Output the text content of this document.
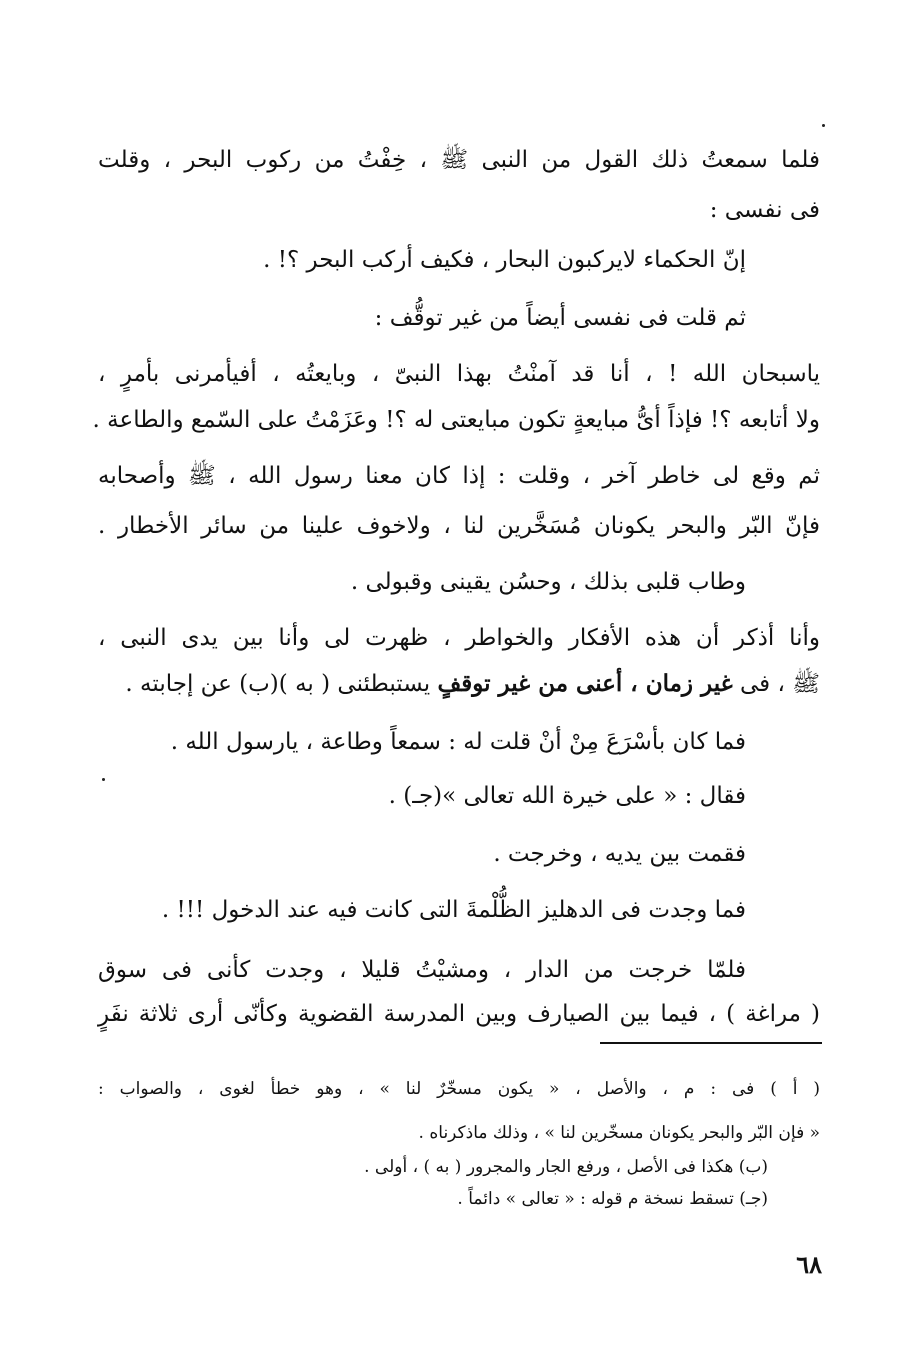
فلما سمعتُ ذلك القول من النبى ﷺ ، خِفْتُ من ركوب البحر ، وقلت
فى نفسى :
إنّ الحكماء لايركبون البحار ، فكيف أركب البحر ؟! .
ثم قلت فى نفسى أيضاً من غير توقُّف :
ياسبحان الله ! ، أنا قد آمنْتُ بهذا النبىّ ، وبايعتُه ، أفيأمرنى بأمرٍ ،
ولا أتابعه ؟! فإذاً أىُّ مبايعةٍ تكون مبايعتى له ؟! وعَزَمْتُ على السّمع والطاعة .
ثم وقع لى خاطر آخر ، وقلت : إذا كان معنا رسول الله ، ﷺ وأصحابه
فإنّ البّر والبحر يكونان مُسَخَّرين لنا ، ولاخوف علينا من سائر الأخطار .
وطاب قلبى بذلك ، وحسُن يقينى وقبولى .
وأنا أذكر أن هذه الأفكار والخواطر ، ظهرت لى وأنا بين يدى النبى ،
ﷺ ، فى غير زمان ، أعنى من غير توقفٍ يستبطئنى ( به )(ب) عن إجابته .
فما كان بأسْرَعَ مِنْ أنْ قلت له : سمعاً وطاعة ، يارسول الله .
فقال : « على خيرة الله تعالى »(جـ) .
فقمت بين يديه ، وخرجت .
فما وجدت فى الدهليز الظُّلْمةَ التى كانت فيه عند الدخول !!! .
فلمّا خرجت من الدار ، ومشيْتُ قليلا ، وجدت كأنى فى سوق
( مراغة ) ، فيما بين الصيارف وبين المدرسة القضوية وكأنّى أرى ثلاثة نفَرٍ
( أ ) فى : م ، والأصل ، « يكون مسخّرٌ لنا » ، وهو خطأ لغوى ، والصواب :
« فإن البّر والبحر يكونان مسخّرين لنا » ، وذلك ماذكرناه .
(ب) هكذا فى الأصل ، ورفع الجار والمجرور ( به ) ، أولى .
(جـ) تسقط نسخة م قوله : « تعالى » دائماً .
٦٨
